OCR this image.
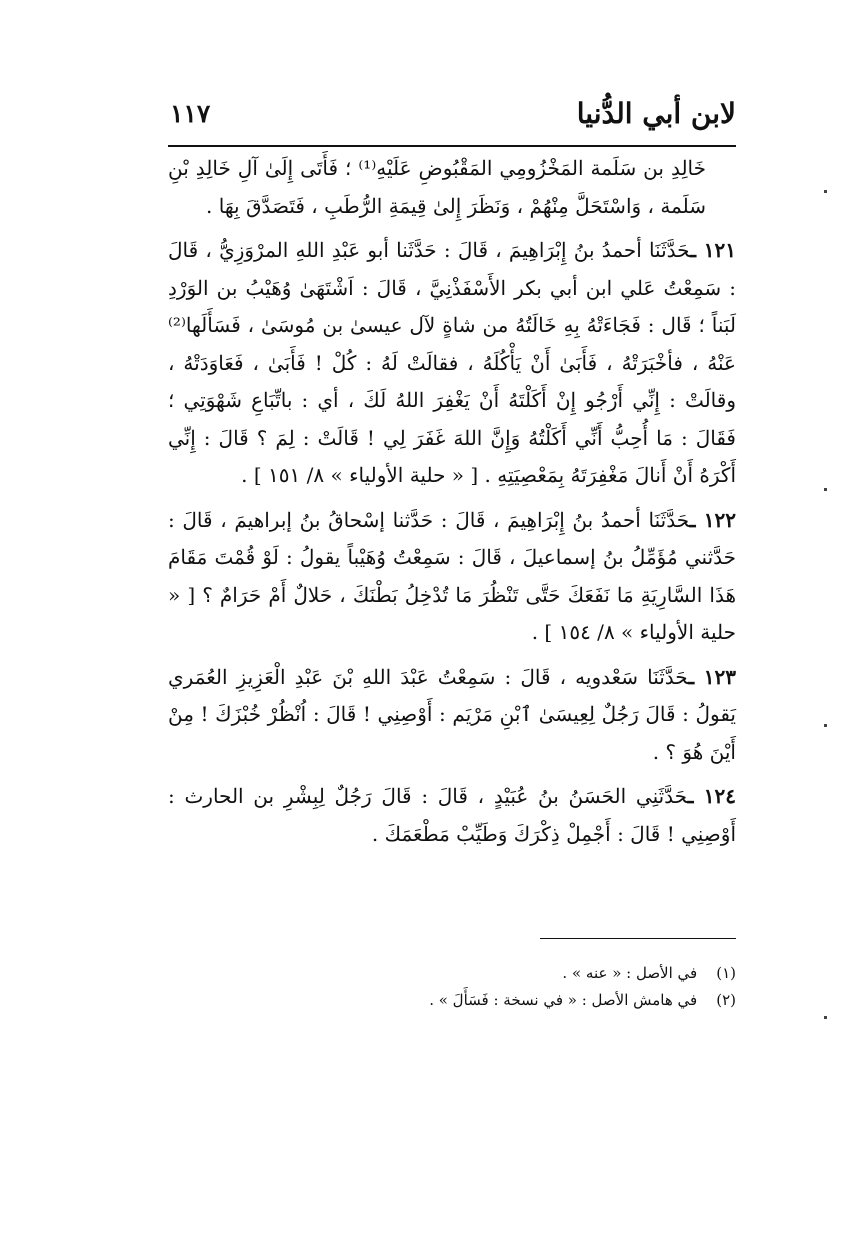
لابن أبي الدُّنيا
١١٧

خَالِدِ بن سَلَمة المَخْزُومِي المَقْبُوضِ عَلَيْهِ⁽¹⁾ ؛ فَأَتَى إِلَىٰ آلِ خَالِدِ بْنِ سَلَمة ، وَاسْتَحَلَّ مِنْهُمْ ، وَنَظَرَ إِلىٰ قِيمَةِ الرُّطَبِ ، فَتَصَدَّقَ بِهَا .

١٢١ ـحَدَّثَنَا أحمدُ بنُ إِبْرَاهِيمَ ، قَالَ : حَدَّثَنا أبو عَبْدِ اللهِ المرْوَزِيُّ ، قَالَ : سَمِعْتُ عَلي ابن أبي بكر الأَسْفَذْنِيَّ ، قَالَ : اَشْتَهَىٰ وُهَيْبُ بن الوَرْدِ لَبَناً ؛ قَال : فَجَاءَتْهُ بِهِ خَالَتُهُ من شاةٍ لآل عيسىٰ بن مُوسَىٰ ، فَسَأَلَها⁽²⁾ عَنْهُ ، فأخْبَرَتْهُ ، فَأَبَىٰ أَنْ يَأْكُلَهُ ، فقالَتْ لَهُ : كُلْ ! فَأَبَىٰ ، فَعَاوَدَتْهُ ، وقالَتْ : إِنِّي أَرْجُو إِنْ أَكَلْتَهُ أَنْ يَغْفِرَ اللهُ لَكَ ، أي : باتِّبَاعِ شَهْوَتِي ؛ فَقَالَ : مَا أُحِبُّ أَنِّي أَكَلْتُهُ وَإِنَّ اللهَ غَفَرَ لِي ! قَالَتْ : لِمَ ؟ قَالَ : إِنِّي أَكْرَهُ أَنْ أَنالَ مَغْفِرَتَهُ بِمَعْصِيَتِهِ . [ « حلية الأولياء » ٨/ ١٥١ ] .

١٢٢ ـحَدَّثَنَا أحمدُ بنُ إِبْرَاهِيمَ ، قَالَ : حَدَّثنا إسْحاقُ بنُ إبراهيمَ ، قَالَ : حَدَّثني مُؤَمِّلُ بنُ إسماعيلَ ، قَالَ : سَمِعْتُ وُهَيْباً يقولُ : لَوْ قُمْتَ مَقَامَ هَذَا السَّارِيَةِ مَا نَفَعَكَ حَتَّى تَنْظُرَ مَا تُدْخِلُ بَطْنَكَ ، حَلالٌ أَمْ حَرَامٌ ؟ [ « حلية الأولياء » ٨/ ١٥٤ ] .

١٢٣ ـحَدَّثَنَا سَعْدويه ، قَالَ : سَمِعْتُ عَبْدَ اللهِ بْنَ عَبْدِ الْعَزِيزِ العُمَري يَقولُ : قَالَ رَجُلٌ لِعِيسَىٰ ٱبْنِ مَرْيَم : أَوْصِنِي ! قَالَ : اُنْظُرْ خُبْزَكَ ! مِنْ أَيْنَ هُوَ ؟ .

١٢٤ ـحَدَّثَنِي الحَسَنُ بنُ عُبَيْدٍ ، قَالَ : قَالَ رَجُلٌ لِبِشْرِ بن الحارث : أَوْصِنِي ! قَالَ : أَجْمِلْ ذِكْرَكَ وَطَيِّبْ مَطْعَمَكَ .

(١) في الأصل : « عنه » .
(٢) في هامش الأصل : « في نسخة : فَسَأَلَ » .
